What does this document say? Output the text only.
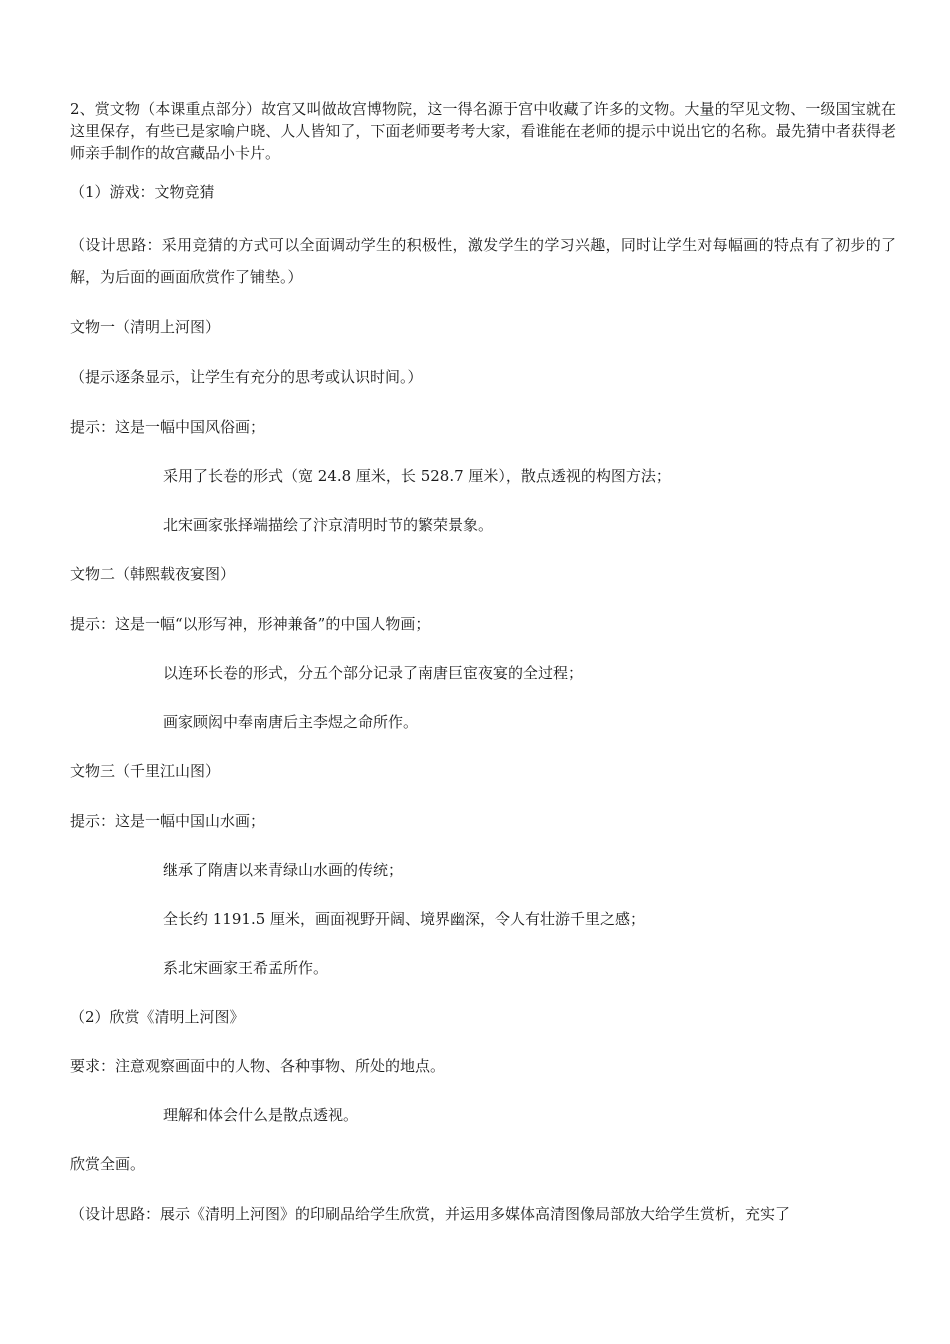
2、赏文物（本课重点部分）故宫又叫做故宫博物院，这一得名源于宫中收藏了许多的文物。大量的罕见文物、一级国宝就在这里保存，有些已是家喻户晓、人人皆知了，下面老师要考考大家，看谁能在老师的提示中说出它的名称。最先猜中者获得老师亲手制作的故宫藏品小卡片。

（1）游戏：文物竞猜

（设计思路：采用竞猜的方式可以全面调动学生的积极性，激发学生的学习兴趣，同时让学生对每幅画的特点有了初步的了解，为后面的画面欣赏作了铺垫。）

文物一（清明上河图）

（提示逐条显示，让学生有充分的思考或认识时间。）

提示：这是一幅中国风俗画；

采用了长卷的形式（宽 24.8 厘米，长 528.7 厘米），散点透视的构图方法；

北宋画家张择端描绘了汴京清明时节的繁荣景象。

文物二（韩熙载夜宴图）

提示：这是一幅“以形写神，形神兼备”的中国人物画；

以连环长卷的形式，分五个部分记录了南唐巨宦夜宴的全过程；

画家顾闳中奉南唐后主李煜之命所作。

文物三（千里江山图）

提示：这是一幅中国山水画；

继承了隋唐以来青绿山水画的传统；

全长约 1191.5 厘米，画面视野开阔、境界幽深，令人有壮游千里之感；

系北宋画家王希孟所作。

（2）欣赏《清明上河图》

要求：注意观察画面中的人物、各种事物、所处的地点。

理解和体会什么是散点透视。

欣赏全画。

（设计思路：展示《清明上河图》的印刷品给学生欣赏，并运用多媒体高清图像局部放大给学生赏析，充实了
